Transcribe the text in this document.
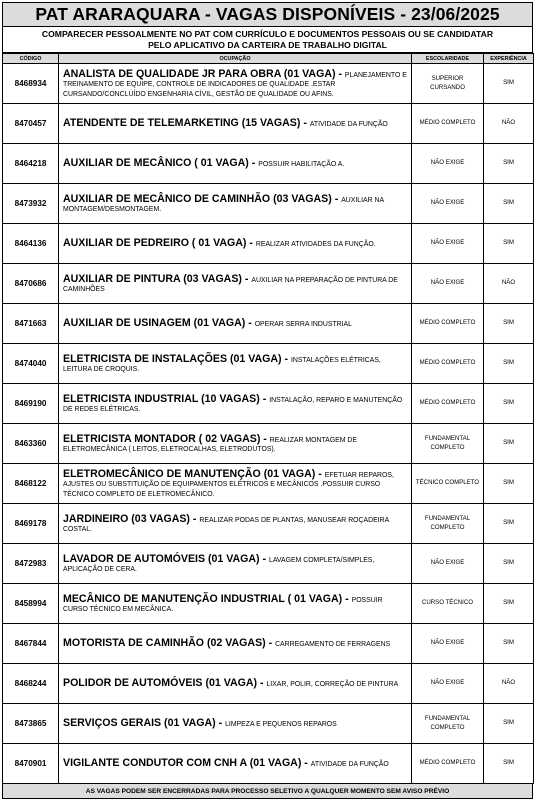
PAT ARARAQUARA - VAGAS DISPONÍVEIS - 23/06/2025
COMPARECER PESSOALMENTE NO PAT COM CURRÍCULO E DOCUMENTOS PESSOAIS OU SE CANDIDATAR
PELO APLICATIVO DA CARTEIRA DE TRABALHO DIGITAL
CÓDIGO	OCUPAÇÃO	ESCOLARIDADE	EXPERIÊNCIA
8468934	ANALISTA DE QUALIDADE JR PARA OBRA (01 VAGA) - PLANEJAMENTO E TREINAMENTO DE EQUIPE, CONTROLE DE INDICADORES DE QUALIDADE .ESTAR CURSANDO/CONCLUÍDO ENGENHARIA CÍVIL, GESTÃO DE QUALIDADE OU AFINS.	SUPERIOR CURSANDO	SIM
8470457	ATENDENTE DE TELEMARKETING (15 VAGAS) - ATIVIDADE DA FUNÇÃO	MÉDIO COMPLETO	NÃO
8464218	AUXILIAR DE MECÂNICO ( 01 VAGA) - POSSUIR HABILITAÇÃO A.	NÃO EXIGE	SIM
8473932	AUXILIAR DE MECÂNICO DE CAMINHÃO (03 VAGAS) - AUXILIAR NA MONTAGEM/DESMONTAGEM.	NÃO EXIGE	SIM
8464136	AUXILIAR DE PEDREIRO ( 01 VAGA) - REALIZAR ATIVIDADES DA FUNÇÃO.	NÃO EXIGE	SIM
8470686	AUXILIAR DE PINTURA (03 VAGAS) - AUXILIAR NA PREPARAÇÃO DE PINTURA DE CAMINHÕES	NÃO EXIGE	NÃO
8471663	AUXILIAR DE USINAGEM (01 VAGA) - OPERAR SERRA INDUSTRIAL	MÉDIO COMPLETO	SIM
8474040	ELETRICISTA DE INSTALAÇÕES (01 VAGA) - INSTALAÇÕES ELÉTRICAS, LEITURA DE CROQUIS.	MÉDIO COMPLETO	SIM
8469190	ELETRICISTA INDUSTRIAL (10 VAGAS) - INSTALAÇÃO, REPARO E MANUTENÇÃO DE REDES ELÉTRICAS.	MÉDIO COMPLETO	SIM
8463360	ELETRICISTA MONTADOR ( 02 VAGAS) - REALIZAR MONTAGEM DE ELETROMECÂNICA ( LEITOS, ELETROCALHAS, ELETRODUTOS).	FUNDAMENTAL COMPLETO	SIM
8468122	ELETROMECÂNICO DE MANUTENÇÃO (01 VAGA) - EFETUAR REPAROS, AJUSTES OU SUBSTITUIÇÃO DE EQUIPAMENTOS ELÉTRICOS E MECÂNICOS .POSSUIR CURSO TÉCNICO COMPLETO DE ELETROMECÂNICO.	TÉCNICO COMPLETO	SIM
8469178	JARDINEIRO (03 VAGAS) - REALIZAR PODAS DE PLANTAS, MANUSEAR ROÇADEIRA COSTAL.	FUNDAMENTAL COMPLETO	SIM
8472983	LAVADOR DE AUTOMÓVEIS (01 VAGA) - LAVAGEM COMPLETA/SIMPLES, APLICAÇÃO DE CERA.	NÃO EXIGE	SIM
8458994	MECÂNICO DE MANUTENÇÃO INDUSTRIAL ( 01 VAGA) - POSSUIR CURSO TÉCNICO EM MECÂNICA.	CURSO TÉCNICO	SIM
8467844	MOTORISTA DE CAMINHÃO (02 VAGAS) - CARREGAMENTO DE FERRAGENS	NÃO EXIGE	SIM
8468244	POLIDOR DE AUTOMÓVEIS (01 VAGA) - LIXAR, POLIR, CORREÇÃO DE PINTURA	NÃO EXIGE	NÃO
8473865	SERVIÇOS GERAIS (01 VAGA) - LIMPEZA E PEQUENOS REPAROS	FUNDAMENTAL COMPLETO	SIM
8470901	VIGILANTE CONDUTOR COM CNH A (01 VAGA) - ATIVIDADE DA FUNÇÃO	MÉDIO COMPLETO	SIM
AS VAGAS PODEM SER ENCERRADAS PARA PROCESSO SELETIVO A QUALQUER MOMENTO SEM AVISO PRÉVIO
